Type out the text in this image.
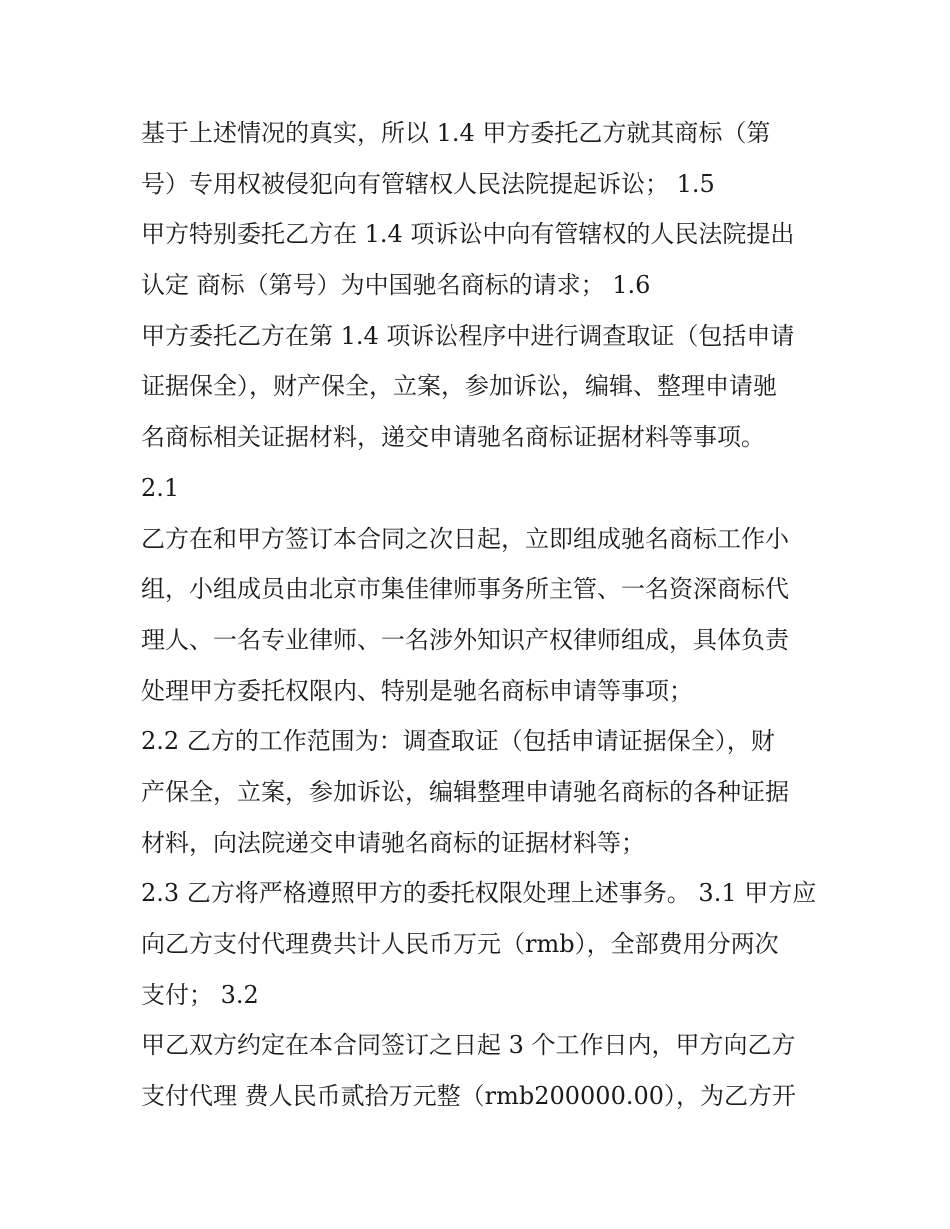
基于上述情况的真实，所以 1.4 甲方委托乙方就其商标（第
号）专用权被侵犯向有管辖权人民法院提起诉讼； 1.5
甲方特别委托乙方在 1.4 项诉讼中向有管辖权的人民法院提出
认定 商标（第号）为中国驰名商标的请求； 1.6
甲方委托乙方在第 1.4 项诉讼程序中进行调查取证（包括申请
证据保全），财产保全，立案，参加诉讼，编辑、整理申请驰
名商标相关证据材料，递交申请驰名商标证据材料等事项。
2.1
乙方在和甲方签订本合同之次日起，立即组成驰名商标工作小
组，小组成员由北京市集佳律师事务所主管、一名资深商标代
理人、一名专业律师、一名涉外知识产权律师组成，具体负责
处理甲方委托权限内、特别是驰名商标申请等事项；
2.2 乙方的工作范围为：调查取证（包括申请证据保全），财
产保全，立案，参加诉讼，编辑整理申请驰名商标的各种证据
材料，向法院递交申请驰名商标的证据材料等；
2.3 乙方将严格遵照甲方的委托权限处理上述事务。 3.1 甲方应
向乙方支付代理费共计人民币万元（rmb），全部费用分两次
支付； 3.2
甲乙双方约定在本合同签订之日起 3 个工作日内，甲方向乙方
支付代理 费人民币贰拾万元整（rmb200000.00），为乙方开
